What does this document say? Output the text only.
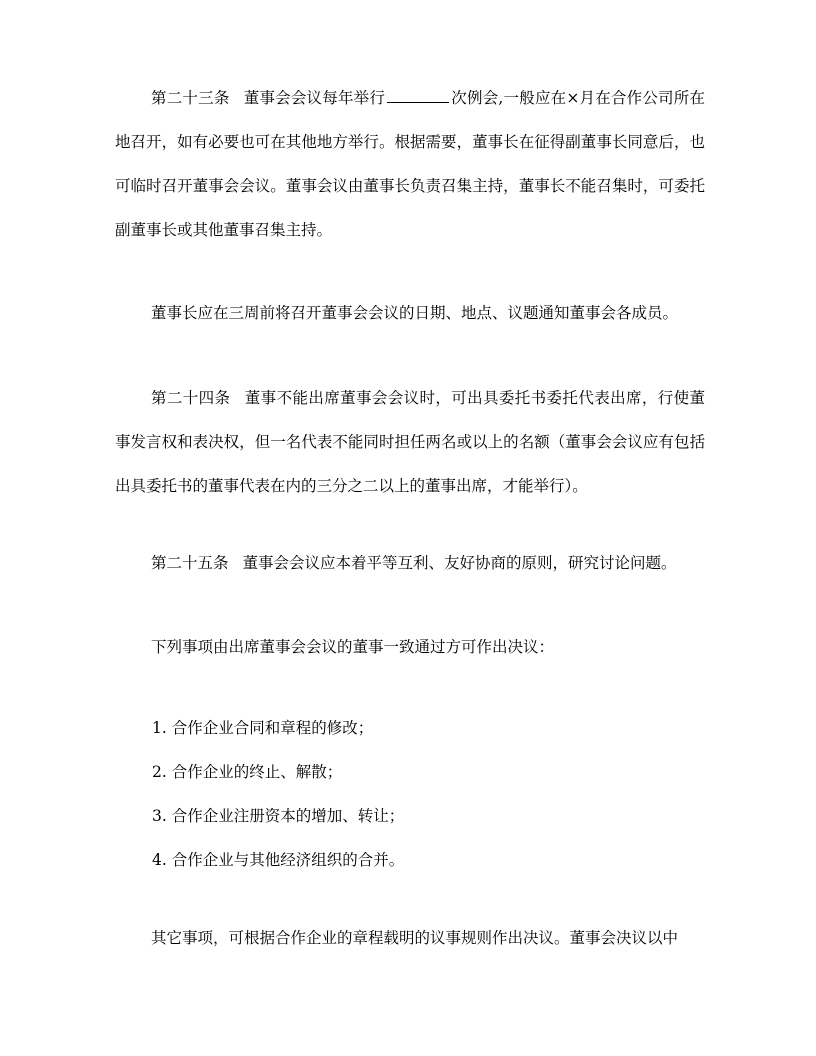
第二十三条 董事会会议每年举行	次例会,一般应在×月在合作公司所在地召开，如有必要也可在其他地方举行。根据需要，董事长在征得副董事长同意后，也可临时召开董事会会议。董事会议由董事长负责召集主持，董事长不能召集时，可委托副董事长或其他董事召集主持。

董事长应在三周前将召开董事会会议的日期、地点、议题通知董事会各成员。

第二十四条 董事不能出席董事会会议时，可出具委托书委托代表出席，行使董事发言权和表决权，但一名代表不能同时担任两名或以上的名额（董事会会议应有包括出具委托书的董事代表在内的三分之二以上的董事出席，才能举行）。

第二十五条 董事会会议应本着平等互利、友好协商的原则，研究讨论问题。

下列事项由出席董事会会议的董事一致通过方可作出决议：

1. 合作企业合同和章程的修改；
2. 合作企业的终止、解散；
3. 合作企业注册资本的增加、转让；
4. 合作企业与其他经济组织的合并。

其它事项，可根据合作企业的章程载明的议事规则作出决议。董事会决议以中
